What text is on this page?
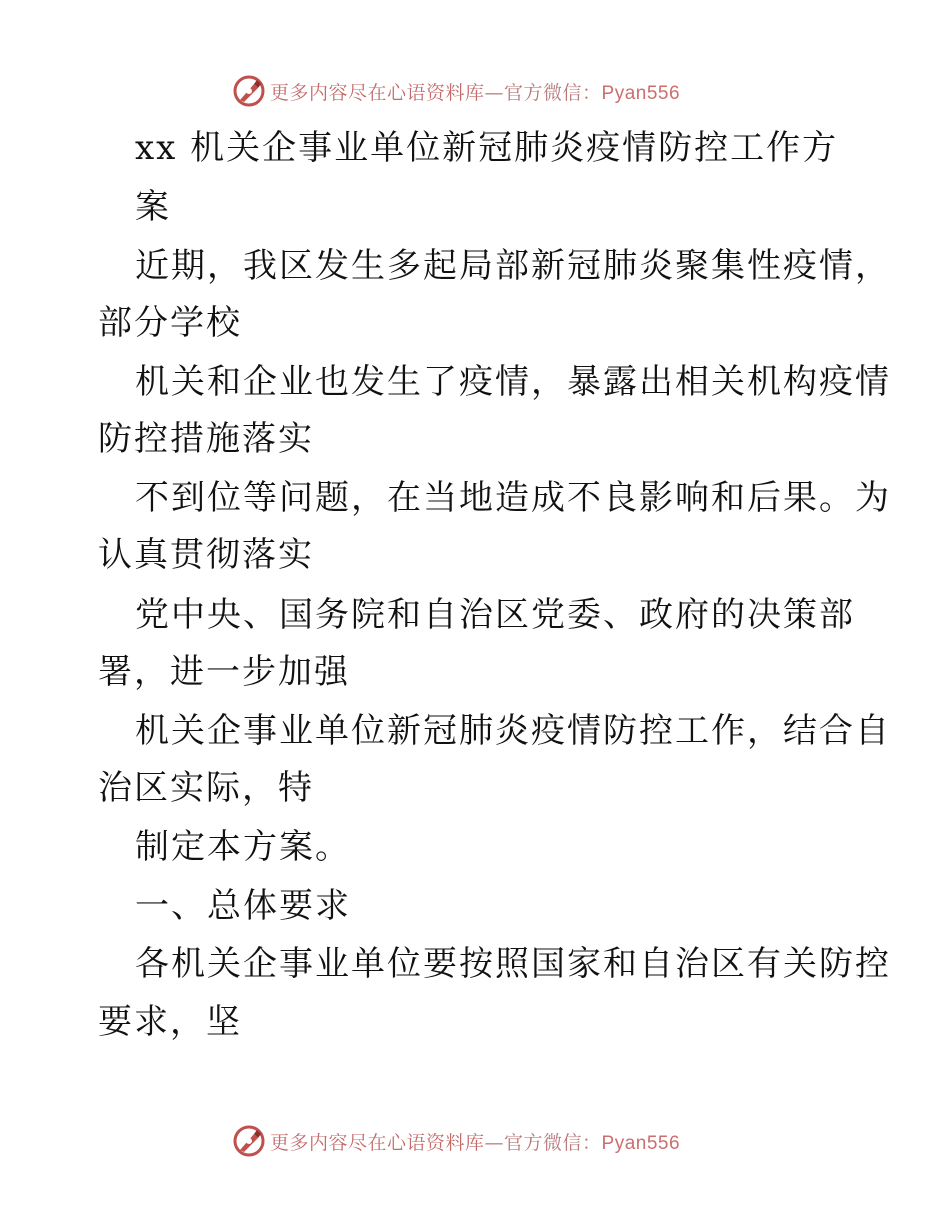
更多内容尽在心语资料库—官方微信：Pyan556
xx 机关企事业单位新冠肺炎疫情防控工作方
案
近期，我区发生多起局部新冠肺炎聚集性疫情，
部分学校
机关和企业也发生了疫情，暴露出相关机构疫情
防控措施落实
不到位等问题，在当地造成不良影响和后果。为
认真贯彻落实
党中央、国务院和自治区党委、政府的决策部
署，进一步加强
机关企事业单位新冠肺炎疫情防控工作，结合自
治区实际，特
制定本方案。
一、总体要求
各机关企事业单位要按照国家和自治区有关防控
要求，坚
更多内容尽在心语资料库—官方微信：Pyan556
